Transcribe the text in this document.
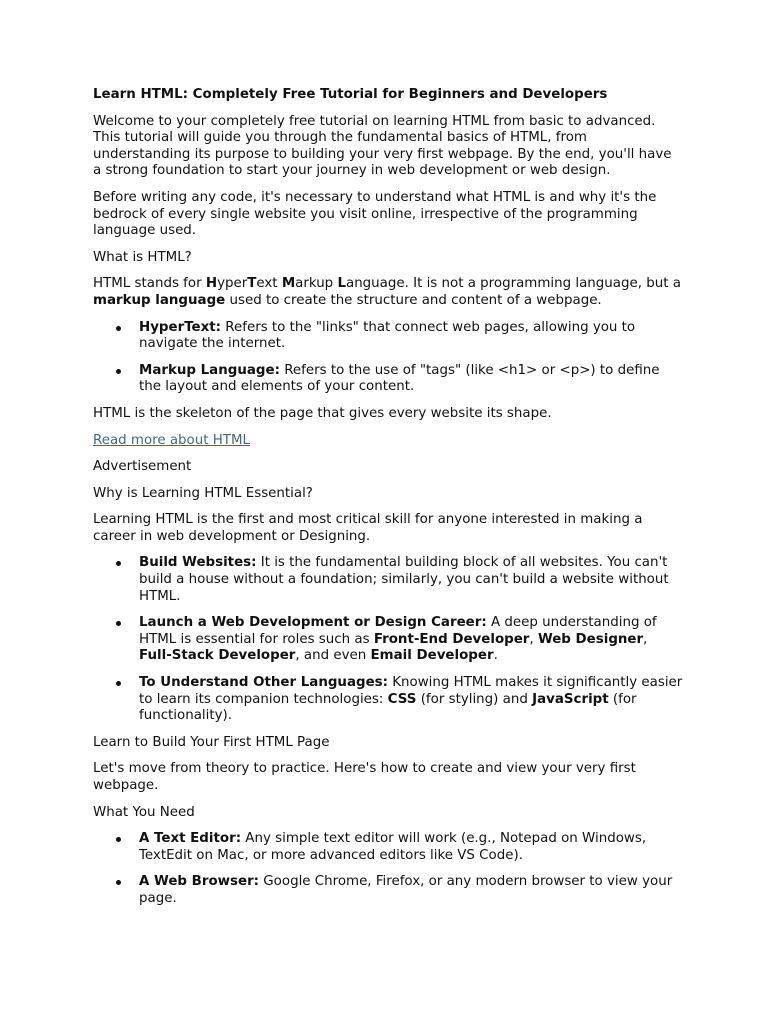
Learn HTML: Completely Free Tutorial for Beginners and Developers

Welcome to your completely free tutorial on learning HTML from basic to advanced. This tutorial will guide you through the fundamental basics of HTML, from understanding its purpose to building your very first webpage. By the end, you'll have a strong foundation to start your journey in web development or web design.

Before writing any code, it's necessary to understand what HTML is and why it's the bedrock of every single website you visit online, irrespective of the programming language used.

What is HTML?

HTML stands for HyperText Markup Language. It is not a programming language, but a markup language used to create the structure and content of a webpage.

HyperText: Refers to the "links" that connect web pages, allowing you to navigate the internet.
Markup Language: Refers to the use of "tags" (like <h1> or <p>) to define the layout and elements of your content.

HTML is the skeleton of the page that gives every website its shape.

Read more about HTML

Advertisement

Why is Learning HTML Essential?

Learning HTML is the first and most critical skill for anyone interested in making a career in web development or Designing.

Build Websites: It is the fundamental building block of all websites. You can't build a house without a foundation; similarly, you can't build a website without HTML.
Launch a Web Development or Design Career: A deep understanding of HTML is essential for roles such as Front-End Developer, Web Designer, Full-Stack Developer, and even Email Developer.
To Understand Other Languages: Knowing HTML makes it significantly easier to learn its companion technologies: CSS (for styling) and JavaScript (for functionality).

Learn to Build Your First HTML Page

Let's move from theory to practice. Here's how to create and view your very first webpage.

What You Need

A Text Editor: Any simple text editor will work (e.g., Notepad on Windows, TextEdit on Mac, or more advanced editors like VS Code).
A Web Browser: Google Chrome, Firefox, or any modern browser to view your page.
